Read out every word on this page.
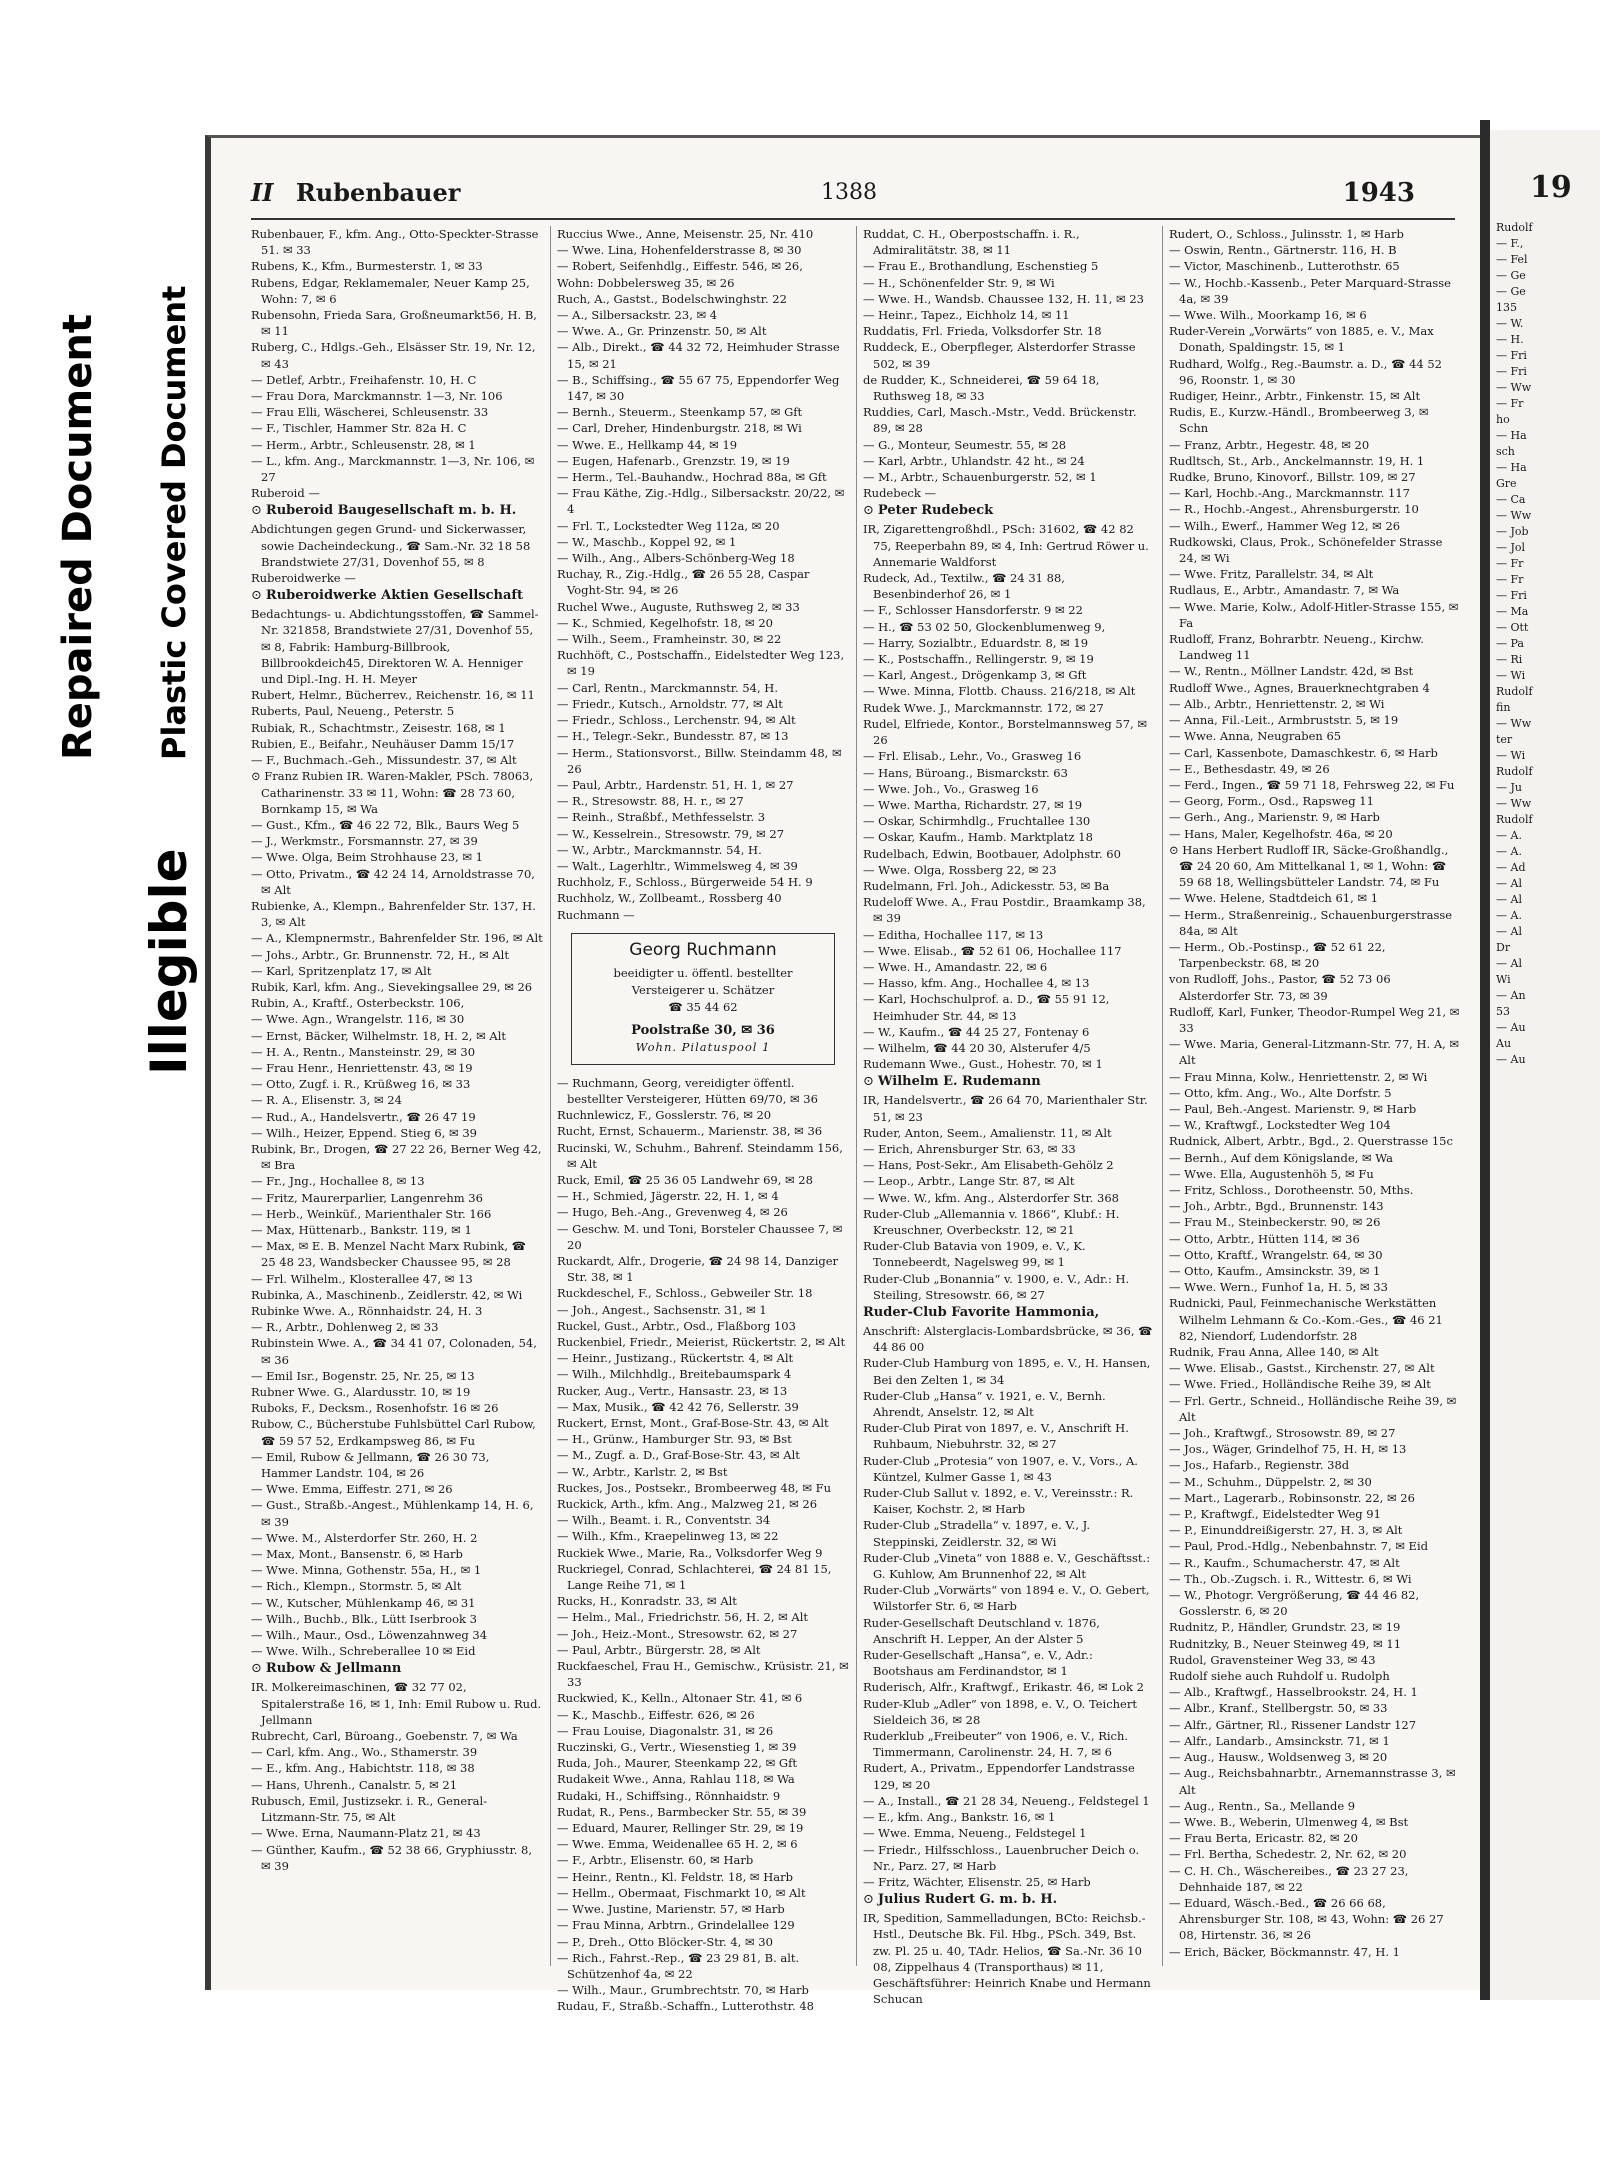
Repaired Document Plastic Covered Document
Illegible
II Rubenbauer	1388	1943

Rubenbauer, F., kfm. Ang., Otto-Speckter-Strasse 51. ✉ 33

Rubens, K., Kfm., Burmesterstr. 1, ✉ 33

Rubens, Edgar, Reklamemaler, Neuer Kamp 25, Wohn: 7, ✉ 6

Rubensohn, Frieda Sara, Großneumarkt56, H. B, ✉ 11

Ruberg, C., Hdlgs.-Geh., Elsässer Str. 19, Nr. 12, ✉ 43

— Detlef, Arbtr., Freihafenstr. 10, H. C

— Frau Dora, Marckmannstr. 1—3, Nr. 106

— Frau Elli, Wäscherei, Schleusenstr. 33

— F., Tischler, Hammer Str. 82a H. C

— Herm., Arbtr., Schleusenstr. 28, ✉ 1

— L., kfm. Ang., Marckmannstr. 1—3, Nr. 106, ✉ 27

Ruberoid —

⊙ Ruberoid Baugesellschaft m. b. H.

Abdichtungen gegen Grund- und Sickerwasser, sowie Dacheindeckung., ☎ Sam.-Nr. 32 18 58 Brandstwiete 27/31, Dovenhof 55, ✉ 8

Ruberoidwerke —

⊙ Ruberoidwerke Aktien Gesellschaft

Bedachtungs- u. Abdichtungsstoffen, ☎ Sammel-Nr. 321858, Brandstwiete 27/31, Dovenhof 55, ✉ 8, Fabrik: Hamburg-Billbrook, Billbrookdeich45, Direktoren W. A. Henniger und Dipl.-Ing. H. H. Meyer

Rubert, Helmr., Bücherrev., Reichenstr. 16, ✉ 11

Ruberts, Paul, Neueng., Peterstr. 5

Rubiak, R., Schachtmstr., Zeisestr. 168, ✉ 1

Rubien, E., Beifahr., Neuhäuser Damm 15/17

— F., Buchmach.-Geh., Missundestr. 37, ✉ Alt

⊙ Franz Rubien IR. Waren-Makler, PSch. 78063, Catharinenstr. 33 ✉ 11, Wohn: ☎ 28 73 60, Bornkamp 15, ✉ Wa

— Gust., Kfm., ☎ 46 22 72, Blk., Baurs Weg 5

— J., Werkmstr., Forsmannstr. 27, ✉ 39

— Wwe. Olga, Beim Strohhause 23, ✉ 1

— Otto, Privatm., ☎ 42 24 14, Arnoldstrasse 70, ✉ Alt

Rubienke, A., Klempn., Bahrenfelder Str. 137, H. 3, ✉ Alt

— A., Klempnermstr., Bahrenfelder Str. 196, ✉ Alt

— Johs., Arbtr., Gr. Brunnenstr. 72, H., ✉ Alt

— Karl, Spritzenplatz 17, ✉ Alt

Rubik, Karl, kfm. Ang., Sievekingsallee 29, ✉ 26

Rubin, A., Kraftf., Osterbeckstr. 106,

— Wwe. Agn., Wrangelstr. 116, ✉ 30

— Ernst, Bäcker, Wilhelmstr. 18, H. 2, ✉ Alt

— H. A., Rentn., Mansteinstr. 29, ✉ 30

— Frau Henr., Henriettenstr. 43, ✉ 19

— Otto, Zugf. i. R., Krüßweg 16, ✉ 33

— R. A., Elisenstr. 3, ✉ 24

— Rud., A., Handelsvertr., ☎ 26 47 19

— Wilh., Heizer, Eppend. Stieg 6, ✉ 39

Rubink, Br., Drogen, ☎ 27 22 26, Berner Weg 42, ✉ Bra

— Fr., Jng., Hochallee 8, ✉ 13

— Fritz, Maurerparlier, Langenrehm 36

— Herb., Weinküf., Marienthaler Str. 166

— Max, Hüttenarb., Bankstr. 119, ✉ 1

— Max, ✉ E. B. Menzel Nacht Marx Rubink, ☎ 25 48 23, Wandsbecker Chaussee 95, ✉ 28

— Frl. Wilhelm., Klosterallee 47, ✉ 13

Rubinka, A., Maschinenb., Zeidlerstr. 42, ✉ Wi

Rubinke Wwe. A., Rönnhaidstr. 24, H. 3

— R., Arbtr., Dohlenweg 2, ✉ 33

Rubinstein Wwe. A., ☎ 34 41 07, Colonaden, 54, ✉ 36

— Emil Isr., Bogenstr. 25, Nr. 25, ✉ 13

Rubner Wwe. G., Alardusstr. 10, ✉ 19

Ruboks, F., Decksm., Rosenhofstr. 16 ✉ 26

Rubow, C., Bücherstube Fuhlsbüttel Carl Rubow, ☎ 59 57 52, Erdkampsweg 86, ✉ Fu

— Emil, Rubow & Jellmann, ☎ 26 30 73, Hammer Landstr. 104, ✉ 26

— Wwe. Emma, Eiffestr. 271, ✉ 26

— Gust., Straßb.-Angest., Mühlenkamp 14, H. 6, ✉ 39

— Wwe. M., Alsterdorfer Str. 260, H. 2

— Max, Mont., Bansenstr. 6, ✉ Harb

— Wwe. Minna, Gothenstr. 55a, H., ✉ 1

— Rich., Klempn., Stormstr. 5, ✉ Alt

— W., Kutscher, Mühlenkamp 46, ✉ 31

— Wilh., Buchb., Blk., Lütt Iserbrook 3

— Wilh., Maur., Osd., Löwenzahnweg 34

— Wwe. Wilh., Schreberallee 10 ✉ Eid

⊙ Rubow & Jellmann

IR. Molkereimaschinen, ☎ 32 77 02, Spitalerstraße 16, ✉ 1, Inh: Emil Rubow u. Rud. Jellmann

Rubrecht, Carl, Büroang., Goebenstr. 7, ✉ Wa

— Carl, kfm. Ang., Wo., Sthamerstr. 39

— E., kfm. Ang., Habichtstr. 118, ✉ 38

— Hans, Uhrenh., Canalstr. 5, ✉ 21

Rubusch, Emil, Justizsekr. i. R., General-Litzmann-Str. 75, ✉ Alt

— Wwe. Erna, Naumann-Platz 21, ✉ 43

— Günther, Kaufm., ☎ 52 38 66, Gryphiusstr. 8, ✉ 39

Ruccius Wwe., Anne, Meisenstr. 25, Nr. 410

— Wwe. Lina, Hohenfelderstrasse 8, ✉ 30

— Robert, Seifenhdlg., Eiffestr. 546, ✉ 26,

Wohn: Dobbelersweg 35, ✉ 26

Ruch, A., Gastst., Bodelschwinghstr. 22

— A., Silbersackstr. 23, ✉ 4

— Wwe. A., Gr. Prinzenstr. 50, ✉ Alt

— Alb., Direkt., ☎ 44 32 72, Heimhuder Strasse 15, ✉ 21

— B., Schiffsing., ☎ 55 67 75, Eppendorfer Weg 147, ✉ 30

— Bernh., Steuerm., Steenkamp 57, ✉ Gft

— Carl, Dreher, Hindenburgstr. 218, ✉ Wi

— Wwe. E., Hellkamp 44, ✉ 19

— Eugen, Hafenarb., Grenzstr. 19, ✉ 19

— Herm., Tel.-Bauhandw., Hochrad 88a, ✉ Gft

— Frau Käthe, Zig.-Hdlg., Silbersackstr. 20/22, ✉ 4

— Frl. T., Lockstedter Weg 112a, ✉ 20

— W., Maschb., Koppel 92, ✉ 1

— Wilh., Ang., Albers-Schönberg-Weg 18

Ruchay, R., Zig.-Hdlg., ☎ 26 55 28, Caspar Voght-Str. 94, ✉ 26

Ruchel Wwe., Auguste, Ruthsweg 2, ✉ 33

— K., Schmied, Kegelhofstr. 18, ✉ 20

— Wilh., Seem., Framheinstr. 30, ✉ 22

Ruchhöft, C., Postschaffn., Eidelstedter Weg 123, ✉ 19

— Carl, Rentn., Marckmannstr. 54, H.

— Friedr., Kutsch., Arnoldstr. 77, ✉ Alt

— Friedr., Schloss., Lerchenstr. 94, ✉ Alt

— H., Telegr.-Sekr., Bundesstr. 87, ✉ 13

— Herm., Stationsvorst., Billw. Steindamm 48, ✉ 26

— Paul, Arbtr., Hardenstr. 51, H. 1, ✉ 27

— R., Stresowstr. 88, H. r., ✉ 27

— Reinh., Straßbf., Methfesselstr. 3

— W., Kesselrein., Stresowstr. 79, ✉ 27

— W., Arbtr., Marckmannstr. 54, H.

— Walt., Lagerhltr., Wimmelsweg 4, ✉ 39

Ruchholz, F., Schloss., Bürgerweide 54 H. 9

Ruchholz, W., Zollbeamt., Rossberg 40

Ruchmann —

Georg Ruchmann
beeidigter u. öffentl. bestellter
Versteigerer u. Schätzer
☎ 35 44 62
Poolstraße 30, ✉ 36
Wohn. Pilatuspool 1

— Ruchmann, Georg, vereidigter öffentl. bestellter Versteigerer, Hütten 69/70, ✉ 36

Ruchnlewicz, F., Gosslerstr. 76, ✉ 20

Rucht, Ernst, Schauerm., Marienstr. 38, ✉ 36

Rucinski, W., Schuhm., Bahrenf. Steindamm 156, ✉ Alt

Ruck, Emil, ☎ 25 36 05 Landwehr 69, ✉ 28

— H., Schmied, Jägerstr. 22, H. 1, ✉ 4

— Hugo, Beh.-Ang., Grevenweg 4, ✉ 26

— Geschw. M. und Toni, Borsteler Chaussee 7, ✉ 20

Ruckardt, Alfr., Drogerie, ☎ 24 98 14, Danziger Str. 38, ✉ 1

Ruckdeschel, F., Schloss., Gebweiler Str. 18

— Joh., Angest., Sachsenstr. 31, ✉ 1

Ruckel, Gust., Arbtr., Osd., Flaßborg 103

Ruckenbiel, Friedr., Meierist, Rückertstr. 2, ✉ Alt

— Heinr., Justizang., Rückertstr. 4, ✉ Alt

— Wilh., Milchhdlg., Breitebaumspark 4

Rucker, Aug., Vertr., Hansastr. 23, ✉ 13

— Max, Musik., ☎ 42 42 76, Sellerstr. 39

Ruckert, Ernst, Mont., Graf-Bose-Str. 43, ✉ Alt

— H., Grünw., Hamburger Str. 93, ✉ Bst

— M., Zugf. a. D., Graf-Bose-Str. 43, ✉ Alt

— W., Arbtr., Karlstr. 2, ✉ Bst

Ruckes, Jos., Postsekr., Brombeerweg 48, ✉ Fu

Ruckick, Arth., kfm. Ang., Malzweg 21, ✉ 26

— Wilh., Beamt. i. R., Conventstr. 34

— Wilh., Kfm., Kraepelinweg 13, ✉ 22

Ruckiek Wwe., Marie, Ra., Volksdorfer Weg 9

Ruckriegel, Conrad, Schlachterei, ☎ 24 81 15, Lange Reihe 71, ✉ 1

Rucks, H., Konradstr. 33, ✉ Alt

— Helm., Mal., Friedrichstr. 56, H. 2, ✉ Alt

— Joh., Heiz.-Mont., Stresowstr. 62, ✉ 27

— Paul, Arbtr., Bürgerstr. 28, ✉ Alt

Ruckfaeschel, Frau H., Gemischw., Krüsistr. 21, ✉ 33

Ruckwied, K., Kelln., Altonaer Str. 41, ✉ 6

— K., Maschb., Eiffestr. 626, ✉ 26

— Frau Louise, Diagonalstr. 31, ✉ 26

Ruczinski, G., Vertr., Wiesenstieg 1, ✉ 39

Ruda, Joh., Maurer, Steenkamp 22, ✉ Gft

Rudakeit Wwe., Anna, Rahlau 118, ✉ Wa

Rudaki, H., Schiffsing., Rönnhaidstr. 9

Rudat, R., Pens., Barmbecker Str. 55, ✉ 39

— Eduard, Maurer, Rellinger Str. 29, ✉ 19

— Wwe. Emma, Weidenallee 65 H. 2, ✉ 6

— F., Arbtr., Elisenstr. 60, ✉ Harb

— Heinr., Rentn., Kl. Feldstr. 18, ✉ Harb

— Hellm., Obermaat, Fischmarkt 10, ✉ Alt

— Wwe. Justine, Marienstr. 57, ✉ Harb

— Frau Minna, Arbtrn., Grindelallee 129

— P., Dreh., Otto Blöcker-Str. 4, ✉ 30

— Rich., Fahrst.-Rep., ☎ 23 29 81, B. alt. Schützenhof 4a, ✉ 22

— Wilh., Maur., Grumbrechtstr. 70, ✉ Harb

Rudau, F., Straßb.-Schaffn., Lutterothstr. 48

Ruddat, C. H., Oberpostschaffn. i. R., Admiralitätstr. 38, ✉ 11

— Frau E., Brothandlung, Eschenstieg 5

— H., Schönenfelder Str. 9, ✉ Wi

— Wwe. H., Wandsb. Chaussee 132, H. 11, ✉ 23

— Heinr., Tapez., Eichholz 14, ✉ 11

Ruddatis, Frl. Frieda, Volksdorfer Str. 18

Ruddeck, E., Oberpfleger, Alsterdorfer Strasse 502, ✉ 39

de Rudder, K., Schneiderei, ☎ 59 64 18, Ruthsweg 18, ✉ 33

Ruddies, Carl, Masch.-Mstr., Vedd. Brückenstr. 89, ✉ 28

— G., Monteur, Seumestr. 55, ✉ 28

— Karl, Arbtr., Uhlandstr. 42 ht., ✉ 24

— M., Arbtr., Schauenburgerstr. 52, ✉ 1

Rudebeck —

⊙ Peter Rudebeck

IR, Zigarettengroßhdl., PSch: 31602, ☎ 42 82 75, Reeperbahn 89, ✉ 4, Inh: Gertrud Röwer u. Annemarie Waldforst

Rudeck, Ad., Textilw., ☎ 24 31 88, Besenbinderhof 26, ✉ 1

— F., Schlosser Hansdorferstr. 9 ✉ 22

— H., ☎ 53 02 50, Glockenblumenweg 9,

— Harry, Sozialbtr., Eduardstr. 8, ✉ 19

— K., Postschaffn., Rellingerstr. 9, ✉ 19

— Karl, Angest., Drögenkamp 3, ✉ Gft

— Wwe. Minna, Flottb. Chauss. 216/218, ✉ Alt

Rudek Wwe. J., Marckmannstr. 172, ✉ 27

Rudel, Elfriede, Kontor., Borstelmannsweg 57, ✉ 26

— Frl. Elisab., Lehr., Vo., Grasweg 16

— Hans, Büroang., Bismarckstr. 63

— Wwe. Joh., Vo., Grasweg 16

— Wwe. Martha, Richardstr. 27, ✉ 19

— Oskar, Schirmhdlg., Fruchtallee 130

— Oskar, Kaufm., Hamb. Marktplatz 18

Rudelbach, Edwin, Bootbauer, Adolphstr. 60

— Wwe. Olga, Rossberg 22, ✉ 23

Rudelmann, Frl. Joh., Adickesstr. 53, ✉ Ba

Rudeloff Wwe. A., Frau Postdir., Braamkamp 38, ✉ 39

— Editha, Hochallee 117, ✉ 13

— Wwe. Elisab., ☎ 52 61 06, Hochallee 117

— Wwe. H., Amandastr. 22, ✉ 6

— Hasso, kfm. Ang., Hochallee 4, ✉ 13

— Karl, Hochschulprof. a. D., ☎ 55 91 12, Heimhuder Str. 44, ✉ 13

— W., Kaufm., ☎ 44 25 27, Fontenay 6

— Wilhelm, ☎ 44 20 30, Alsterufer 4/5

Rudemann Wwe., Gust., Hohestr. 70, ✉ 1

⊙ Wilhelm E. Rudemann

IR, Handelsvertr., ☎ 26 64 70, Marienthaler Str. 51, ✉ 23

Ruder, Anton, Seem., Amalienstr. 11, ✉ Alt

— Erich, Ahrensburger Str. 63, ✉ 33

— Hans, Post-Sekr., Am Elisabeth-Gehölz 2

— Leop., Arbtr., Lange Str. 87, ✉ Alt

— Wwe. W., kfm. Ang., Alsterdorfer Str. 368

Ruder-Club „Allemannia v. 1866“, Klubf.: H. Kreuschner, Overbeckstr. 12, ✉ 21

Ruder-Club Batavia von 1909, e. V., K. Tonnebeerdt, Nagelsweg 99, ✉ 1

Ruder-Club „Bonannia“ v. 1900, e. V., Adr.: H. Steiling, Stresowstr. 66, ✉ 27

Ruder-Club Favorite Hammonia,

Anschrift: Alsterglacis-Lombardsbrücke, ✉ 36, ☎ 44 86 00

Ruder-Club Hamburg von 1895, e. V., H. Hansen, Bei den Zelten 1, ✉ 34

Ruder-Club „Hansa“ v. 1921, e. V., Bernh. Ahrendt, Anselstr. 12, ✉ Alt

Ruder-Club Pirat von 1897, e. V., Anschrift H. Ruhbaum, Niebuhrstr. 32, ✉ 27

Ruder-Club „Protesia“ von 1907, e. V., Vors., A. Küntzel, Kulmer Gasse 1, ✉ 43

Ruder-Club Sallut v. 1892, e. V., Vereinsstr.: R. Kaiser, Kochstr. 2, ✉ Harb

Ruder-Club „Stradella“ v. 1897, e. V., J. Steppinski, Zeidlerstr. 32, ✉ Wi

Ruder-Club „Vineta“ von 1888 e. V., Geschäftsst.: G. Kuhlow, Am Brunnenhof 22, ✉ Alt

Ruder-Club „Vorwärts“ von 1894 e. V., O. Gebert, Wilstorfer Str. 6, ✉ Harb

Ruder-Gesellschaft Deutschland v. 1876, Anschrift H. Lepper, An der Alster 5

Ruder-Gesellschaft „Hansa“, e. V., Adr.: Bootshaus am Ferdinandstor, ✉ 1

Ruderisch, Alfr., Kraftwgf., Erikastr. 46, ✉ Lok 2

Ruder-Klub „Adler“ von 1898, e. V., O. Teichert Sieldeich 36, ✉ 28

Ruderklub „Freibeuter“ von 1906, e. V., Rich. Timmermann, Carolinenstr. 24, H. 7, ✉ 6

Rudert, A., Privatm., Eppendorfer Landstrasse 129, ✉ 20

— A., Install., ☎ 21 28 34, Neueng., Feldstegel 1

— E., kfm. Ang., Bankstr. 16, ✉ 1

— Wwe. Emma, Neueng., Feldstegel 1

— Friedr., Hilfsschloss., Lauenbrucher Deich o. Nr., Parz. 27, ✉ Harb

— Fritz, Wächter, Elisenstr. 25, ✉ Harb

⊙ Julius Rudert G. m. b. H.

IR, Spedition, Sammelladungen, BCto: Reichsb.-Hstl., Deutsche Bk. Fil. Hbg., PSch. 349, Bst. zw. Pl. 25 u. 40, TAdr. Helios, ☎ Sa.-Nr. 36 10 08, Zippelhaus 4 (Transporthaus) ✉ 11, Geschäftsführer: Heinrich Knabe und Hermann Schucan

Rudert, O., Schloss., Julinsstr. 1, ✉ Harb

— Oswin, Rentn., Gärtnerstr. 116, H. B

— Victor, Maschinenb., Lutterothstr. 65

— W., Hochb.-Kassenb., Peter Marquard-Strasse 4a, ✉ 39

— Wwe. Wilh., Moorkamp 16, ✉ 6

Ruder-Verein „Vorwärts“ von 1885, e. V., Max Donath, Spaldingstr. 15, ✉ 1

Rudhard, Wolfg., Reg.-Baumstr. a. D., ☎ 44 52 96, Roonstr. 1, ✉ 30

Rudiger, Heinr., Arbtr., Finkenstr. 15, ✉ Alt

Rudis, E., Kurzw.-Händl., Brombeerweg 3, ✉ Schn

— Franz, Arbtr., Hegestr. 48, ✉ 20

Rudltsch, St., Arb., Anckelmannstr. 19, H. 1

Rudke, Bruno, Kinovorf., Billstr. 109, ✉ 27

— Karl, Hochb.-Ang., Marckmannstr. 117

— R., Hochb.-Angest., Ahrensburgerstr. 10

— Wilh., Ewerf., Hammer Weg 12, ✉ 26

Rudkowski, Claus, Prok., Schönefelder Strasse 24, ✉ Wi

— Wwe. Fritz, Parallelstr. 34, ✉ Alt

Rudlaus, E., Arbtr., Amandastr. 7, ✉ Wa

— Wwe. Marie, Kolw., Adolf-Hitler-Strasse 155, ✉ Fa

Rudloff, Franz, Bohrarbtr. Neueng., Kirchw. Landweg 11

— W., Rentn., Möllner Landstr. 42d, ✉ Bst

Rudloff Wwe., Agnes, Brauerknechtgraben 4

— Alb., Arbtr., Henriettenstr. 2, ✉ Wi

— Anna, Fil.-Leit., Armbruststr. 5, ✉ 19

— Wwe. Anna, Neugraben 65

— Carl, Kassenbote, Damaschkestr. 6, ✉ Harb

— E., Bethesdastr. 49, ✉ 26

— Ferd., Ingen., ☎ 59 71 18, Fehrsweg 22, ✉ Fu

— Georg, Form., Osd., Rapsweg 11

— Gerh., Ang., Marienstr. 9, ✉ Harb

— Hans, Maler, Kegelhofstr. 46a, ✉ 20

⊙ Hans Herbert Rudloff IR, Säcke-Großhandlg., ☎ 24 20 60, Am Mittelkanal 1, ✉ 1, Wohn: ☎ 59 68 18, Wellingsbütteler Landstr. 74, ✉ Fu

— Wwe. Helene, Stadtdeich 61, ✉ 1

— Herm., Straßenreinig., Schauenburgerstrasse 84a, ✉ Alt

— Herm., Ob.-Postinsp., ☎ 52 61 22, Tarpenbeckstr. 68, ✉ 20

von Rudloff, Johs., Pastor, ☎ 52 73 06 Alsterdorfer Str. 73, ✉ 39

Rudloff, Karl, Funker, Theodor-Rumpel Weg 21, ✉ 33

— Wwe. Maria, General-Litzmann-Str. 77, H. A, ✉ Alt

— Frau Minna, Kolw., Henriettenstr. 2, ✉ Wi

— Otto, kfm. Ang., Wo., Alte Dorfstr. 5

— Paul, Beh.-Angest. Marienstr. 9, ✉ Harb

— W., Kraftwgf., Lockstedter Weg 104

Rudnick, Albert, Arbtr., Bgd., 2. Querstrasse 15c

— Bernh., Auf dem Königslande, ✉ Wa

— Wwe. Ella, Augustenhöh 5, ✉ Fu

— Fritz, Schloss., Dorotheenstr. 50, Mths.

— Joh., Arbtr., Bgd., Brunnenstr. 143

— Frau M., Steinbeckerstr. 90, ✉ 26

— Otto, Arbtr., Hütten 114, ✉ 36

— Otto, Kraftf., Wrangelstr. 64, ✉ 30

— Otto, Kaufm., Amsinckstr. 39, ✉ 1

— Wwe. Wern., Funhof 1a, H. 5, ✉ 33

Rudnicki, Paul, Feinmechanische Werkstätten Wilhelm Lehmann & Co.-Kom.-Ges., ☎ 46 21 82, Niendorf, Ludendorfstr. 28

Rudnik, Frau Anna, Allee 140, ✉ Alt

— Wwe. Elisab., Gastst., Kirchenstr. 27, ✉ Alt

— Wwe. Fried., Holländische Reihe 39, ✉ Alt

— Frl. Gertr., Schneid., Holländische Reihe 39, ✉ Alt

— Joh., Kraftwgf., Strosowstr. 89, ✉ 27

— Jos., Wäger, Grindelhof 75, H. H, ✉ 13

— Jos., Hafarb., Regienstr. 38d

— M., Schuhm., Düppelstr. 2, ✉ 30

— Mart., Lagerarb., Robinsonstr. 22, ✉ 26

— P., Kraftwgf., Eidelstedter Weg 91

— P., Einunddreißigerstr. 27, H. 3, ✉ Alt

— Paul, Prod.-Hdlg., Nebenbahnstr. 7, ✉ Eid

— R., Kaufm., Schumacherstr. 47, ✉ Alt

— Th., Ob.-Zugsch. i. R., Wittestr. 6, ✉ Wi

— W., Photogr. Vergrößerung, ☎ 44 46 82, Gosslerstr. 6, ✉ 20

Rudnitz, P., Händler, Grundstr. 23, ✉ 19

Rudnitzky, B., Neuer Steinweg 49, ✉ 11

Rudol, Gravensteiner Weg 33, ✉ 43

Rudolf siehe auch Ruhdolf u. Rudolph

— Alb., Kraftwgf., Hasselbrookstr. 24, H. 1

— Albr., Kranf., Stellbergstr. 50, ✉ 33

— Alfr., Gärtner, Rl., Rissener Landstr 127

— Alfr., Landarb., Amsinckstr. 71, ✉ 1

— Aug., Hausw., Woldsenweg 3, ✉ 20

— Aug., Reichsbahnarbtr., Arnemannstrasse 3, ✉ Alt

— Aug., Rentn., Sa., Mellande 9

— Wwe. B., Weberin, Ulmenweg 4, ✉ Bst

— Frau Berta, Ericastr. 82, ✉ 20

— Frl. Bertha, Schedestr. 2, Nr. 62, ✉ 20

— C. H. Ch., Wäschereibes., ☎ 23 27 23, Dehnhaide 187, ✉ 22

— Eduard, Wäsch.-Bed., ☎ 26 66 68, Ahrensburger Str. 108, ✉ 43, Wohn: ☎ 26 27 08, Hirtenstr. 36, ✉ 26

— Erich, Bäcker, Böckmannstr. 47, H. 1

19
Rudolf
— F.,
— Fel
— Ge
— Ge
135
— W.
— H.
— Fri
— Fri
— Ww
— Fr
ho
— Ha
sch
— Ha
Gre
— Ca
— Ww
— Job
— Jol
— Fr
— Fr
— Fri
— Ma
— Ott
— Pa
— Ri
— Wi
Rudolf
fin
— Ww
ter
— Wi
Rudolf
— Ju
— Ww
Rudolf
— A.
— A.
— Ad
— Al
— Al
— A.
— Al
Dr
— Al
Wi
— An
53
— Au
Au
— Au
